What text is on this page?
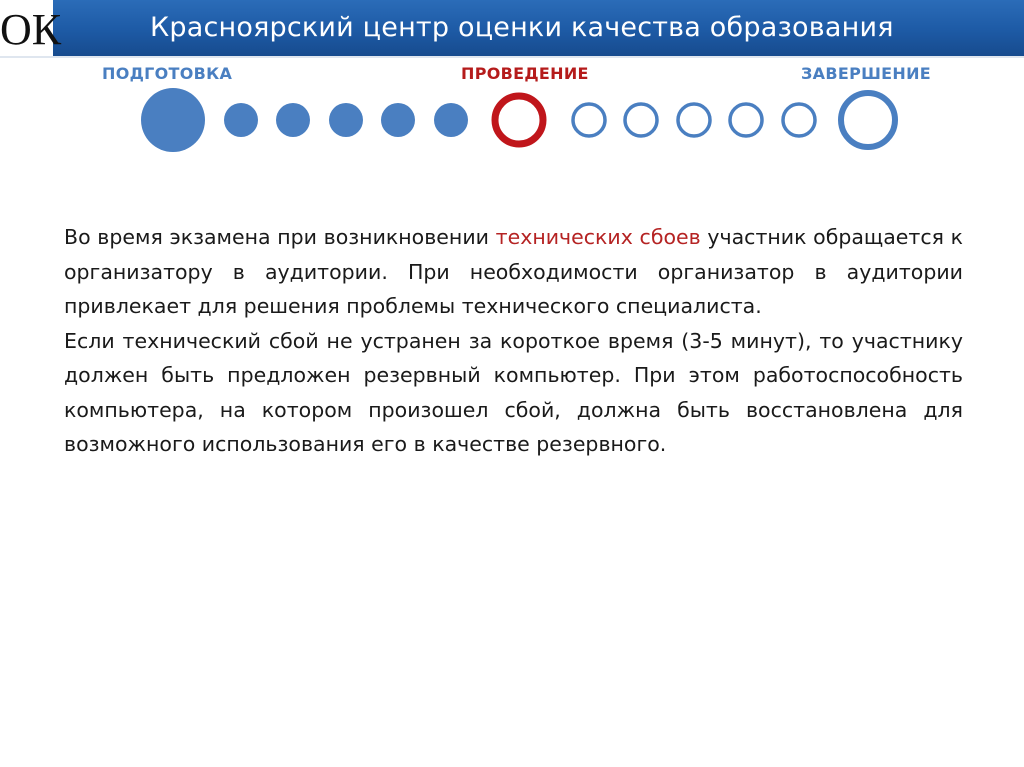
ОК	Красноярский центр оценки качества образования
ПОДГОТОВКА	ПРОВЕДЕНИЕ	ЗАВЕРШЕНИЕ

Во время экзамена при возникновении технических сбоев участник обращается к организатору в аудитории. При необходимости организатор в аудитории привлекает для решения проблемы технического специалиста.

Если технический сбой не устранен за короткое время (3-5 минут), то участнику должен быть предложен резервный компьютер. При этом работоспособность компьютера, на котором произошел сбой, должна быть восстановлена для возможного использования его в качестве резервного.
